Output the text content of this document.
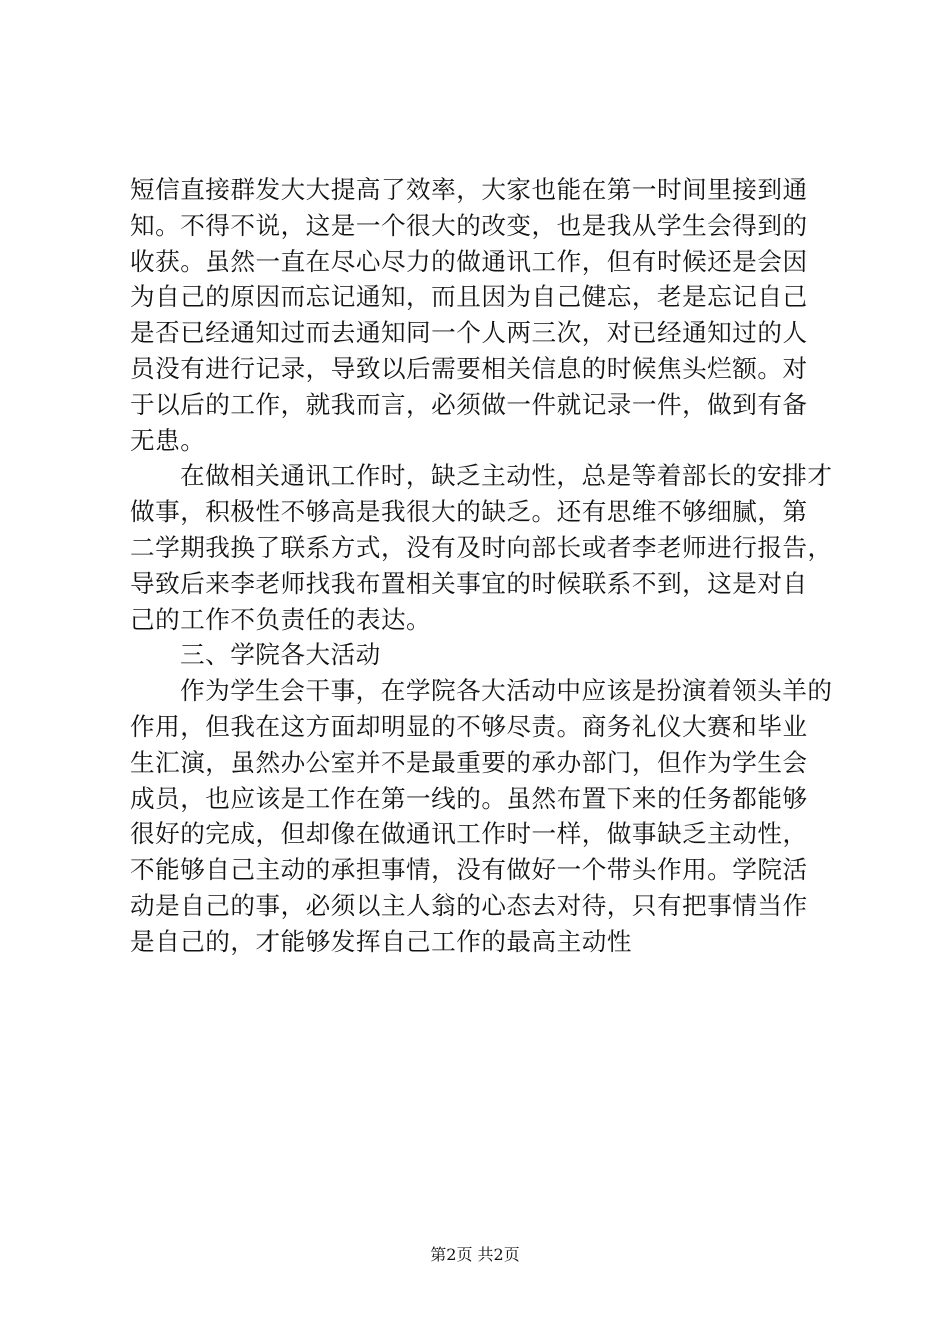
短信直接群发大大提高了效率，大家也能在第一时间里接到通
知。不得不说，这是一个很大的改变，也是我从学生会得到的
收获。虽然一直在尽心尽力的做通讯工作，但有时候还是会因
为自己的原因而忘记通知，而且因为自己健忘，老是忘记自己
是否已经通知过而去通知同一个人两三次，对已经通知过的人
员没有进行记录，导致以后需要相关信息的时候焦头烂额。对
于以后的工作，就我而言，必须做一件就记录一件，做到有备
无患。
在做相关通讯工作时，缺乏主动性，总是等着部长的安排才
做事，积极性不够高是我很大的缺乏。还有思维不够细腻，第
二学期我换了联系方式，没有及时向部长或者李老师进行报告，
导致后来李老师找我布置相关事宜的时候联系不到，这是对自
己的工作不负责任的表达。
三、学院各大活动
作为学生会干事，在学院各大活动中应该是扮演着领头羊的
作用，但我在这方面却明显的不够尽责。商务礼仪大赛和毕业
生汇演，虽然办公室并不是最重要的承办部门，但作为学生会
成员，也应该是工作在第一线的。虽然布置下来的任务都能够
很好的完成，但却像在做通讯工作时一样，做事缺乏主动性，
不能够自己主动的承担事情，没有做好一个带头作用。学院活
动是自己的事，必须以主人翁的心态去对待，只有把事情当作
是自己的，才能够发挥自己工作的最高主动性
第2页 共2页
